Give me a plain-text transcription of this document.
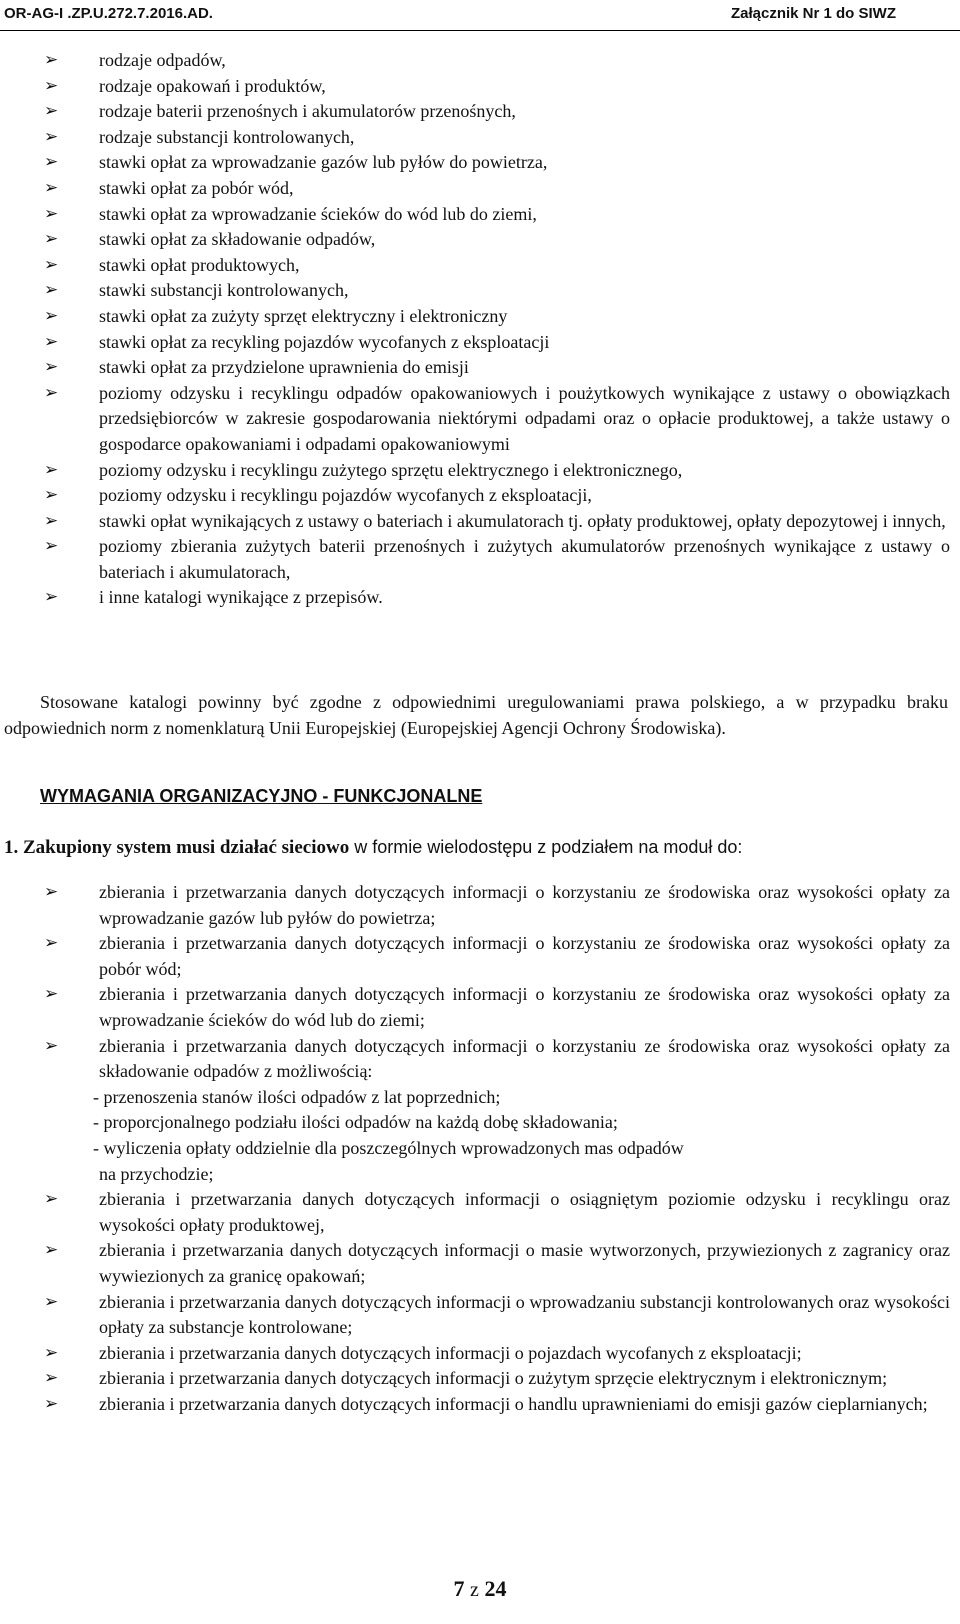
OR-AG-I .ZP.U.272.7.2016.AD.	Załącznik Nr 1 do SIWZ
➢ rodzaje odpadów,
➢ rodzaje opakowań i produktów,
➢ rodzaje baterii przenośnych i akumulatorów przenośnych,
➢ rodzaje substancji kontrolowanych,
➢ stawki opłat za wprowadzanie gazów lub pyłów do powietrza,
➢ stawki opłat za pobór wód,
➢ stawki opłat za wprowadzanie ścieków do wód lub do ziemi,
➢ stawki opłat za składowanie odpadów,
➢ stawki opłat produktowych,
➢ stawki substancji kontrolowanych,
➢ stawki opłat za zużyty sprzęt elektryczny i elektroniczny
➢ stawki opłat za recykling pojazdów wycofanych z eksploatacji
➢ stawki opłat za przydzielone uprawnienia do emisji
➢ poziomy odzysku i recyklingu odpadów opakowaniowych i poużytkowych wynikające z ustawy o obowiązkach przedsiębiorców w zakresie gospodarowania niektórymi odpadami oraz o opłacie produktowej, a także ustawy o gospodarce opakowaniami i odpadami opakowaniowymi
➢ poziomy odzysku i recyklingu zużytego sprzętu elektrycznego i elektronicznego,
➢ poziomy odzysku i recyklingu pojazdów wycofanych z eksploatacji,
➢ stawki opłat wynikających z ustawy o bateriach i akumulatorach tj. opłaty produktowej, opłaty depozytowej i innych,
➢ poziomy zbierania zużytych baterii przenośnych i zużytych akumulatorów przenośnych wynikające z ustawy o bateriach i akumulatorach,
➢ i inne katalogi wynikające z przepisów.
Stosowane katalogi powinny być zgodne z odpowiednimi uregulowaniami prawa polskiego, a w przypadku braku odpowiednich norm z nomenklaturą Unii Europejskiej (Europejskiej Agencji Ochrony Środowiska).
WYMAGANIA ORGANIZACYJNO - FUNKCJONALNE
1. Zakupiony system musi działać sieciowo w formie wielodostępu z podziałem na moduł do:
➢ zbierania i przetwarzania danych dotyczących informacji o korzystaniu ze środowiska oraz wysokości opłaty za wprowadzanie gazów lub pyłów do powietrza;
➢ zbierania i przetwarzania danych dotyczących informacji o korzystaniu ze środowiska oraz wysokości opłaty za pobór wód;
➢ zbierania i przetwarzania danych dotyczących informacji o korzystaniu ze środowiska oraz wysokości opłaty za wprowadzanie ścieków do wód lub do ziemi;
➢ zbierania i przetwarzania danych dotyczących informacji o korzystaniu ze środowiska oraz wysokości opłaty za składowanie odpadów z możliwością:
- przenoszenia stanów ilości odpadów z lat poprzednich;
- proporcjonalnego podziału ilości odpadów na każdą dobę składowania;
- wyliczenia opłaty oddzielnie dla poszczególnych wprowadzonych mas odpadów
na przychodzie;
➢ zbierania i przetwarzania danych dotyczących informacji o osiągniętym poziomie odzysku i recyklingu oraz wysokości opłaty produktowej,
➢ zbierania i przetwarzania danych dotyczących informacji o masie wytworzonych, przywiezionych z zagranicy oraz wywiezionych za granicę opakowań;
➢ zbierania i przetwarzania danych dotyczących informacji o wprowadzaniu substancji kontrolowanych oraz wysokości opłaty za substancje kontrolowane;
➢ zbierania i przetwarzania danych dotyczących informacji o pojazdach wycofanych z eksploatacji;
➢ zbierania i przetwarzania danych dotyczących informacji o zużytym sprzęcie elektrycznym i elektronicznym;
➢ zbierania i przetwarzania danych dotyczących informacji o handlu uprawnieniami do emisji gazów cieplarnianych;
7 z 24
